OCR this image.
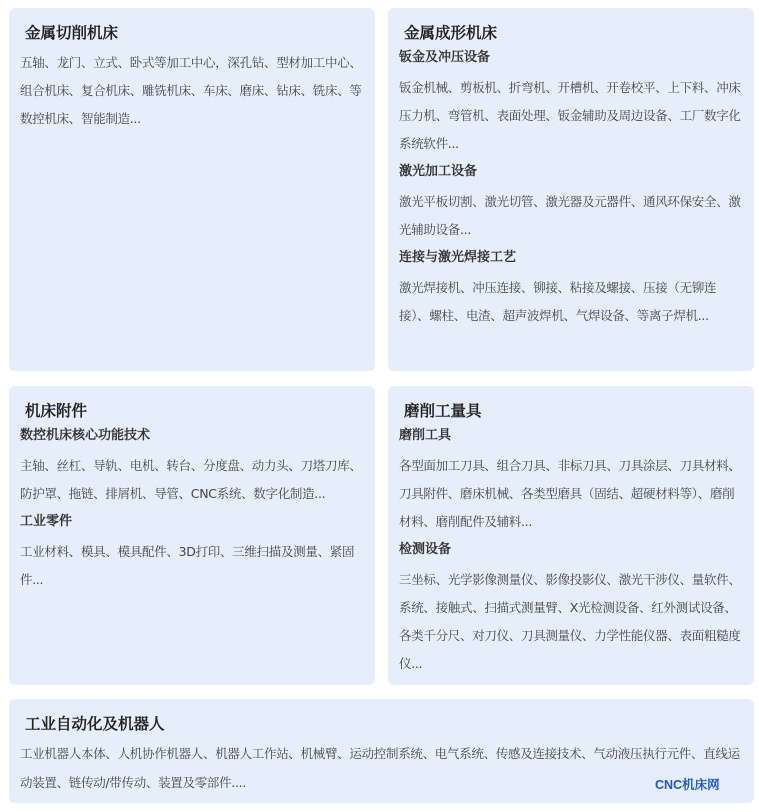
金属切削机床
五轴、龙门、立式、卧式等加工中心，深孔钻、型材加工中心、组合机床、复合机床、雕铣机床、车床、磨床、钻床、铣床、等数控机床、智能制造...
金属成形机床
钣金及冲压设备
钣金机械、剪板机、折弯机、开槽机、开卷校平、上下料、冲床压力机、弯管机、表面处理、钣金辅助及周边设备、工厂数字化系统软件...
激光加工设备
激光平板切割、激光切管、激光器及元器件、通风环保安全、激光辅助设备...
连接与激光焊接工艺
激光焊接机、冲压连接、铆接、粘接及螺接、压接（无铆连接）、螺柱、电渣、超声波焊机、气焊设备、等离子焊机...
机床附件
数控机床核心功能技术
主轴、丝杠、导轨、电机、转台、分度盘、动力头、刀塔刀库、防护罩、拖链、排屑机、导管、CNC系统、数字化制造...
工业零件
工业材料、模具、模具配件、3D打印、三维扫描及测量、紧固件...
磨削工量具
磨削工具
各型面加工刀具、组合刀具、非标刀具、刀具涂层、刀具材料、刀具附件、磨床机械、各类型磨具（固结、超硬材料等）、磨削材料、磨削配件及辅料...
检测设备
三坐标、光学影像测量仪、影像投影仪、激光干涉仪、量软件、系统、接触式、扫描式测量臂、X光检测设备、红外测试设备、各类千分尺、对刀仪、刀具测量仪、力学性能仪器、表面粗糙度仪...
工业自动化及机器人
工业机器人本体、人机协作机器人、机器人工作站、机械臂、运动控制系统、电气系统、传感及连接技术、气动液压执行元件、直线运动装置、链传动/带传动、装置及零部件....	CNC机床网
